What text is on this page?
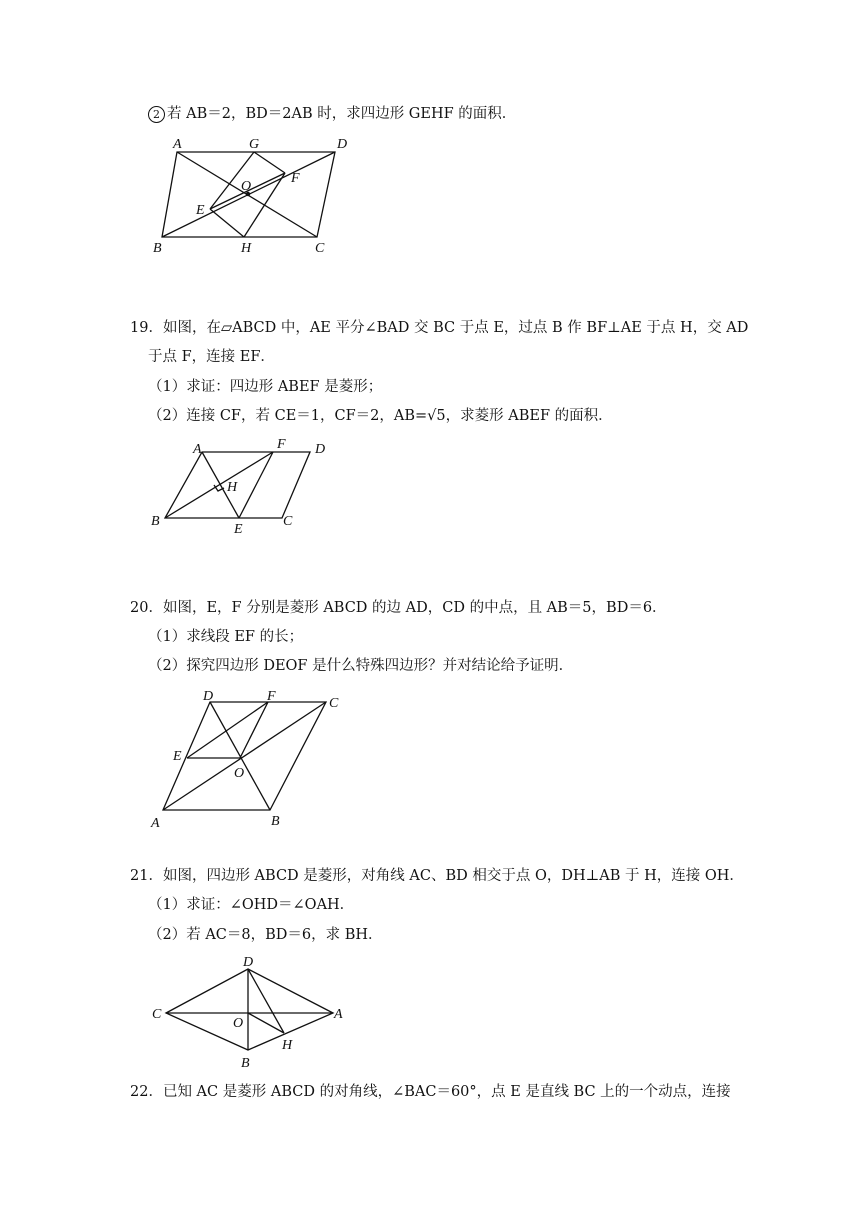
2 若 AB＝2，BD＝2AB 时，求四边形 GEHF 的面积．
A	G	D
O
F
E
B	H	C
19．如图，在▱ABCD 中，AE 平分∠BAD 交 BC 于点 E，过点 B 作 BF⊥AE 于点 H，交 AD
于点 F，连接 EF．
（1）求证：四边形 ABEF 是菱形；
（2）连接 CF，若 CE＝1，CF＝2，AB=√5，求菱形 ABEF 的面积．
A	F D
H
B
E
C
20．如图，E，F 分别是菱形 ABCD 的边 AD，CD 的中点，且 AB＝5，BD＝6．
（1）求线段 EF 的长；
（2）探究四边形 DEOF 是什么特殊四边形？并对结论给予证明．
D	F	C
E
O
A	B
21．如图，四边形 ABCD 是菱形，对角线 AC、BD 相交于点 O，DH⊥AB 于 H，连接 OH．
（1）求证：∠OHD＝∠OAH．
（2）若 AC＝8，BD＝6，求 BH．
D
C
O
A
B
H
22．已知 AC 是菱形 ABCD 的对角线，∠BAC＝60°，点 E 是直线 BC 上的一个动点，连接
